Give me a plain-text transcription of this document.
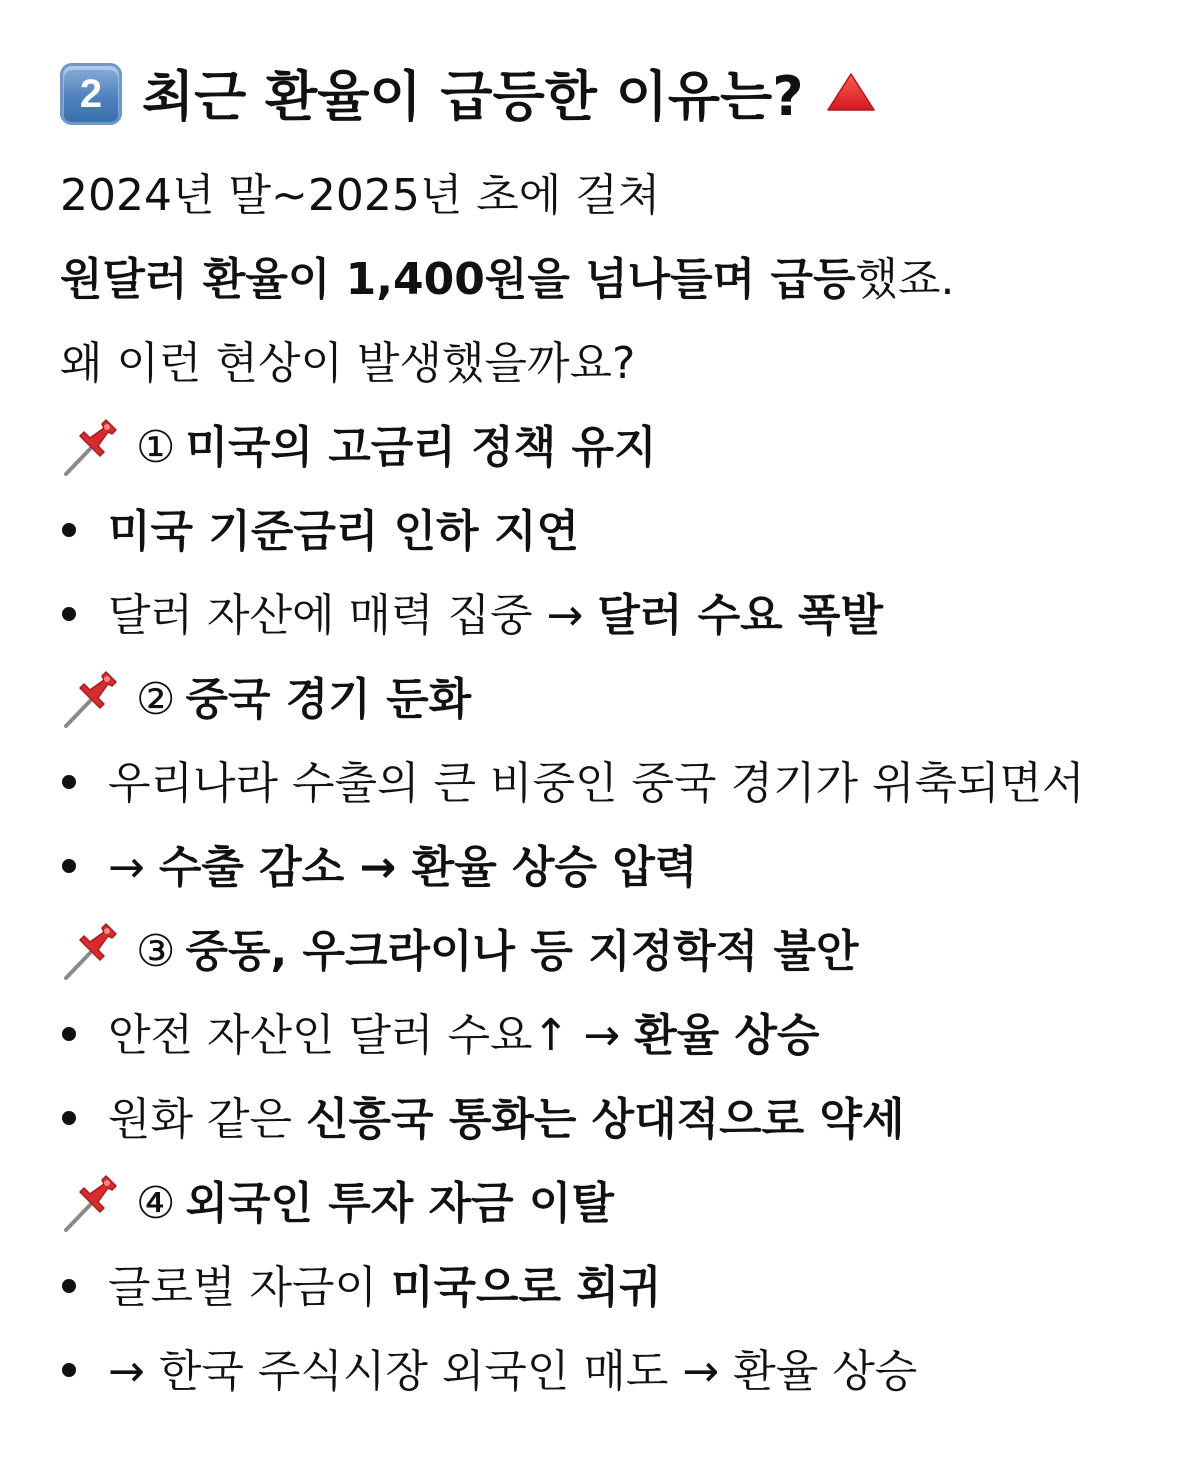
2 최근 환율이 급등한 이유는?
2024년 말~2025년 초에 걸쳐
원달러 환율이 1,400원을 넘나들며 급등했죠.
왜 이런 현상이 발생했을까요?
① 미국의 고금리 정책 유지
미국 기준금리 인하 지연
달러 자산에 매력 집중 → 달러 수요 폭발
② 중국 경기 둔화
우리나라 수출의 큰 비중인 중국 경기가 위축되면서
→ 수출 감소 → 환율 상승 압력
③ 중동, 우크라이나 등 지정학적 불안
안전 자산인 달러 수요↑ → 환율 상승
원화 같은 신흥국 통화는 상대적으로 약세
④ 외국인 투자 자금 이탈
글로벌 자금이 미국으로 회귀
→ 한국 주식시장 외국인 매도 → 환율 상승
